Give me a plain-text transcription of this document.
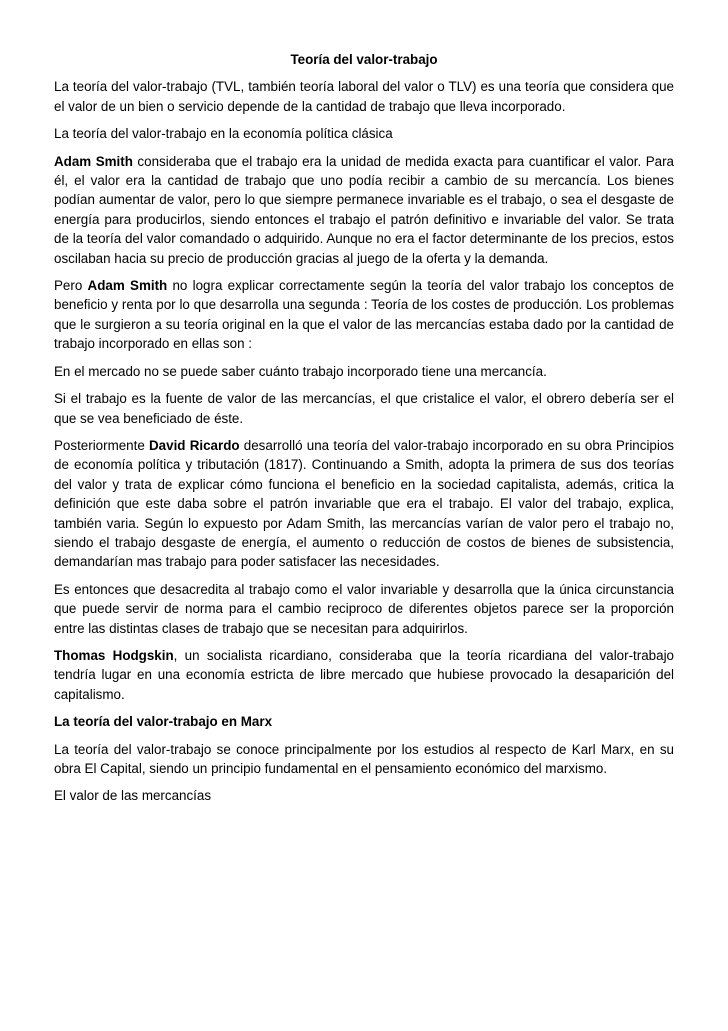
Teoría del valor-trabajo

La teoría del valor-trabajo (TVL, también teoría laboral del valor o TLV) es una teoría que considera que el valor de un bien o servicio depende de la cantidad de trabajo que lleva incorporado.

La teoría del valor-trabajo en la economía política clásica

Adam Smith consideraba que el trabajo era la unidad de medida exacta para cuantificar el valor. Para él, el valor era la cantidad de trabajo que uno podía recibir a cambio de su mercancía. Los bienes podían aumentar de valor, pero lo que siempre permanece invariable es el trabajo, o sea el desgaste de energía para producirlos, siendo entonces el trabajo el patrón definitivo e invariable del valor. Se trata de la teoría del valor comandado o adquirido. Aunque no era el factor determinante de los precios, estos oscilaban hacia su precio de producción gracias al juego de la oferta y la demanda.

Pero Adam Smith no logra explicar correctamente según la teoría del valor trabajo los conceptos de beneficio y renta por lo que desarrolla una segunda : Teoría de los costes de producción. Los problemas que le surgieron a su teoría original en la que el valor de las mercancías estaba dado por la cantidad de trabajo incorporado en ellas son :

En el mercado no se puede saber cuánto trabajo incorporado tiene una mercancía.

Si el trabajo es la fuente de valor de las mercancías, el que cristalice el valor, el obrero debería ser el que se vea beneficiado de éste.

Posteriormente David Ricardo desarrolló una teoría del valor-trabajo incorporado en su obra Principios de economía política y tributación (1817). Continuando a Smith, adopta la primera de sus dos teorías del valor y trata de explicar cómo funciona el beneficio en la sociedad capitalista, además, critica la definición que este daba sobre el patrón invariable que era el trabajo. El valor del trabajo, explica, también varia. Según lo expuesto por Adam Smith, las mercancías varían de valor pero el trabajo no, siendo el trabajo desgaste de energía, el aumento o reducción de costos de bienes de subsistencia, demandarían mas trabajo para poder satisfacer las necesidades.

Es entonces que desacredita al trabajo como el valor invariable y desarrolla que la única circunstancia que puede servir de norma para el cambio reciproco de diferentes objetos parece ser la proporción entre las distintas clases de trabajo que se necesitan para adquirirlos.

Thomas Hodgskin, un socialista ricardiano, consideraba que la teoría ricardiana del valor-trabajo tendría lugar en una economía estricta de libre mercado que hubiese provocado la desaparición del capitalismo.

La teoría del valor-trabajo en Marx

La teoría del valor-trabajo se conoce principalmente por los estudios al respecto de Karl Marx, en su obra El Capital, siendo un principio fundamental en el pensamiento económico del marxismo.

El valor de las mercancías
